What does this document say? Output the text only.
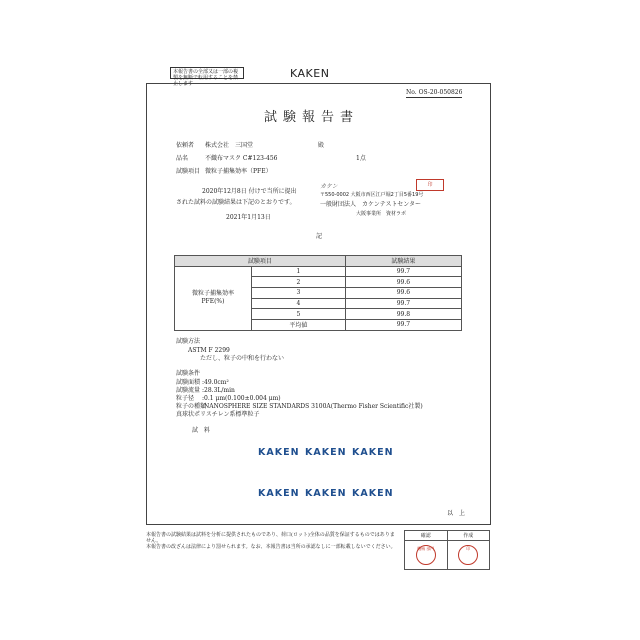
本報告書の全部又は一部の複製を無断で転用することを禁止します
KAKEN
No. OS-20-050826
試験報告書
依頼者 株式会社　三国堂	殿
品名	不織布マスク C#123-456	1点
試験項目 微粒子捕集効率（PFE）
2020年12月8日 付けで当所に提出
された試料の試験結果は下記のとおりです。
2021年1月13日
記
カケン
〒550-0002 大阪市西区江戸堀2丁目5番19号
一般財団法人　カケンテストセンター
大阪事業所　資材ラボ
印
試験項目		試験結果

微粒子捕集効率
PFE(%)	1	99.7
	2	99.6
	3	99.6
	4	99.7
	5	99.8
	平均値	99.7
試験方法
ASTM F 2299
ただし、粒子の中和を行わない
試験条件
試験面積 :49.0cm²
試験流量 :28.3L/min
粒子径 :0.1 μm(0.100±0.004 μm)
粒子の種類
:NANOSPHERE SIZE STANDARDS 3100A(Thermo Fisher Scientific社製)
真球状ポリスチレン系標準粒子
試　料
KAKEN KAKEN KAKEN
KAKEN KAKEN KAKEN
以　上
本報告書の試験結果は試料を分析に提供されたものであり、荷口(ロット)全体の品質を保証するものではありません。
本報告書の改ざんは法律により罰せられます。なお、本報告書は当所の承認なしに一部転載しないでください。
確認	作成
機械 部門	印
